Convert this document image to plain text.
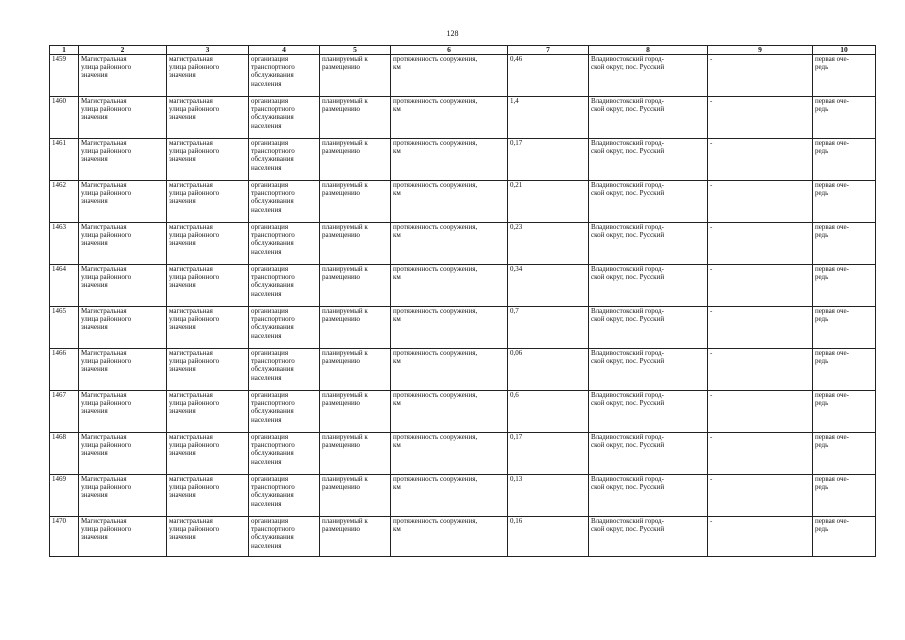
128
1	2	3	4	5	6	7	8	9	10
1459	Магистральная
улица районного
значения	магистральная
улица районного
значения	организация
транспортного
обслуживания
населения	планируемый к
размещению	протяженность сооружения,
км	0,46	Владивостокский город-
ской округ, пос. Русский	-	первая оче-
редь
1460	Магистральная
улица районного
значения	магистральная
улица районного
значения	организация
транспортного
обслуживания
населения	планируемый к
размещению	протяженность сооружения,
км	1,4	Владивостокский город-
ской округ, пос. Русский	-	первая оче-
редь
1461	Магистральная
улица районного
значения	магистральная
улица районного
значения	организация
транспортного
обслуживания
населения	планируемый к
размещению	протяженность сооружения,
км	0,17	Владивостокский город-
ской округ, пос. Русский	-	первая оче-
редь
1462	Магистральная
улица районного
значения	магистральная
улица районного
значения	организация
транспортного
обслуживания
населения	планируемый к
размещению	протяженность сооружения,
км	0,21	Владивостокский город-
ской округ, пос. Русский	-	первая оче-
редь
1463	Магистральная
улица районного
значения	магистральная
улица районного
значения	организация
транспортного
обслуживания
населения	планируемый к
размещению	протяженность сооружения,
км	0,23	Владивостокский город-
ской округ, пос. Русский	-	первая оче-
редь
1464	Магистральная
улица районного
значения	магистральная
улица районного
значения	организация
транспортного
обслуживания
населения	планируемый к
размещению	протяженность сооружения,
км	0,34	Владивостокский город-
ской округ, пос. Русский	-	первая оче-
редь
1465	Магистральная
улица районного
значения	магистральная
улица районного
значения	организация
транспортного
обслуживания
населения	планируемый к
размещению	протяженность сооружения,
км	0,7	Владивостокский город-
ской округ, пос. Русский	-	первая оче-
редь
1466	Магистральная
улица районного
значения	магистральная
улица районного
значения	организация
транспортного
обслуживания
населения	планируемый к
размещению	протяженность сооружения,
км	0,06	Владивостокский город-
ской округ, пос. Русский	-	первая оче-
редь
1467	Магистральная
улица районного
значения	магистральная
улица районного
значения	организация
транспортного
обслуживания
населения	планируемый к
размещению	протяженность сооружения,
км	0,6	Владивостокский город-
ской округ, пос. Русский	-	первая оче-
редь
1468	Магистральная
улица районного
значения	магистральная
улица районного
значения	организация
транспортного
обслуживания
населения	планируемый к
размещению	протяженность сооружения,
км	0,17	Владивостокский город-
ской округ, пос. Русский	-	первая оче-
редь
1469	Магистральная
улица районного
значения	магистральная
улица районного
значения	организация
транспортного
обслуживания
населения	планируемый к
размещению	протяженность сооружения,
км	0,13	Владивостокский город-
ской округ, пос. Русский	-	первая оче-
редь
1470	Магистральная
улица районного
значения	магистральная
улица районного
значения	организация
транспортного
обслуживания
населения	планируемый к
размещению	протяженность сооружения,
км	0,16	Владивостокский город-
ской округ, пос. Русский	-	первая оче-
редь
